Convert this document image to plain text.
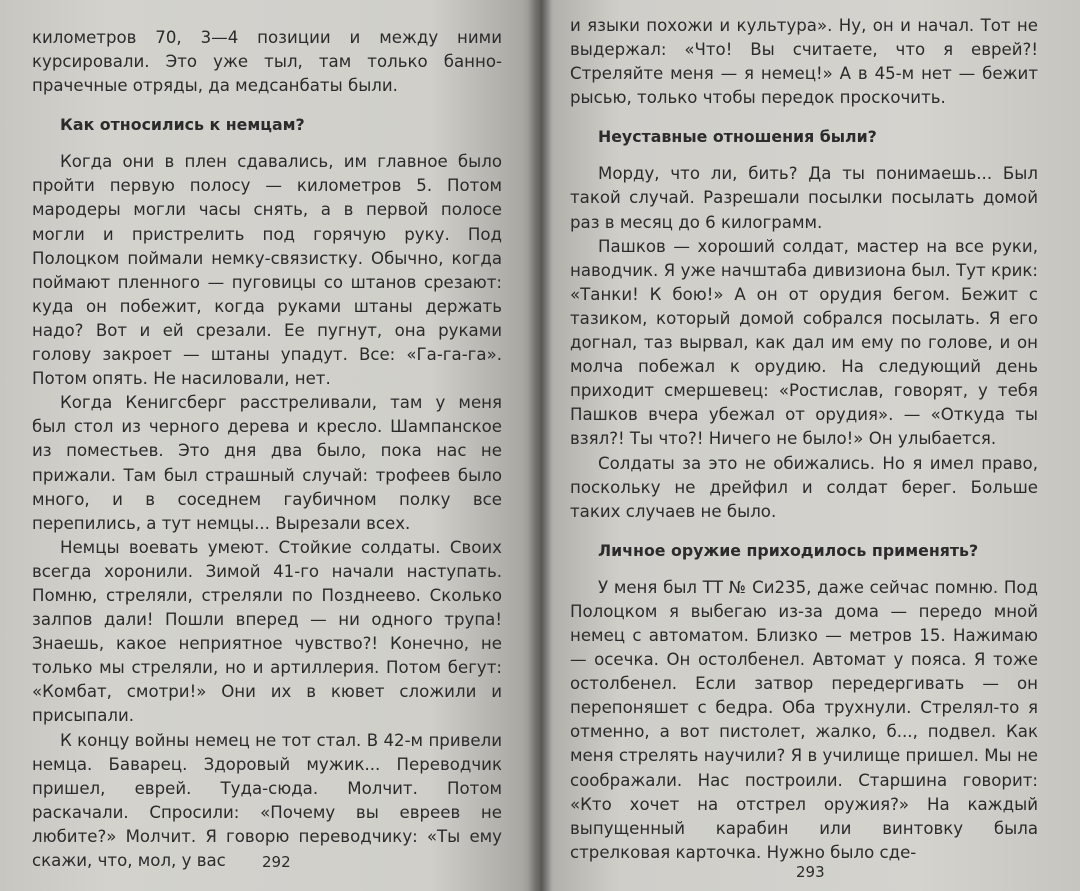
километров 70, 3—4 позиции и между ними курсировали. Это уже тыл, там только банно-прачечные отряды, да медсанбаты были.

Как относились к немцам?

Когда они в плен сдавались, им главное было пройти первую полосу — километров 5. Потом мародеры могли часы снять, а в первой полосе могли и пристрелить под горячую руку. Под Полоцком поймали немку-связистку. Обычно, когда поймают пленного — пуговицы со штанов срезают: куда он побежит, когда руками штаны держать надо? Вот и ей срезали. Ее пугнут, она руками голову закроет — штаны упадут. Все: «Га-га-га». Потом опять. Не насиловали, нет.

Когда Кенигсберг расстреливали, там у меня был стол из черного дерева и кресло. Шампанское из поместьев. Это дня два было, пока нас не прижали. Там был страшный случай: трофеев было много, и в соседнем гаубичном полку все перепились, а тут немцы... Вырезали всех.

Немцы воевать умеют. Стойкие солдаты. Своих всегда хоронили. Зимой 41-го начали наступать. Помню, стреляли, стреляли по Позднеево. Сколько залпов дали! Пошли вперед — ни одного трупа! Знаешь, какое неприятное чувство?! Конечно, не только мы стреляли, но и артиллерия. Потом бегут: «Комбат, смотри!» Они их в кювет сложили и присыпали.

К концу войны немец не тот стал. В 42-м привели немца. Баварец. Здоровый мужик... Переводчик пришел, еврей. Туда-сюда. Молчит. Потом раскачали. Спросили: «Почему вы евреев не любите?» Молчит. Я говорю переводчику: «Ты ему скажи, что, мол, у вас	292

и языки похожи и культура». Ну, он и начал. Тот не выдержал: «Что! Вы считаете, что я еврей?! Стреляйте меня — я немец!» А в 45-м нет — бежит рысью, только чтобы передок проскочить.

Неуставные отношения были?

Морду, что ли, бить? Да ты понимаешь... Был такой случай. Разрешали посылки посылать домой раз в месяц до 6 килограмм.

Пашков — хороший солдат, мастер на все руки, наводчик. Я уже начштаба дивизиона был. Тут крик: «Танки! К бою!» А он от орудия бегом. Бежит с тазиком, который домой собрался посылать. Я его догнал, таз вырвал, как дал им ему по голове, и он молча побежал к орудию. На следующий день приходит смершевец: «Ростислав, говорят, у тебя Пашков вчера убежал от орудия». — «Откуда ты взял?! Ты что?! Ничего не было!» Он улыбается.

Солдаты за это не обижались. Но я имел право, поскольку не дрейфил и солдат берег. Больше таких случаев не было.

Личное оружие приходилось применять?

У меня был ТТ № Си235, даже сейчас помню. Под Полоцком я выбегаю из-за дома — передо мной немец с автоматом. Близко — метров 15. Нажимаю — осечка. Он остолбенел. Автомат у пояса. Я тоже остолбенел. Если затвор передергивать — он перепоняшет с бедра. Оба трухнули. Стрелял-то я отменно, а вот пистолет, жалко, б..., подвел. Как меня стрелять научили? Я в училище пришел. Мы не соображали. Нас построили. Старшина говорит: «Кто хочет на отстрел оружия?» На каждый выпущенный карабин или винтовку была стрелковая карточка. Нужно было сде-

293
